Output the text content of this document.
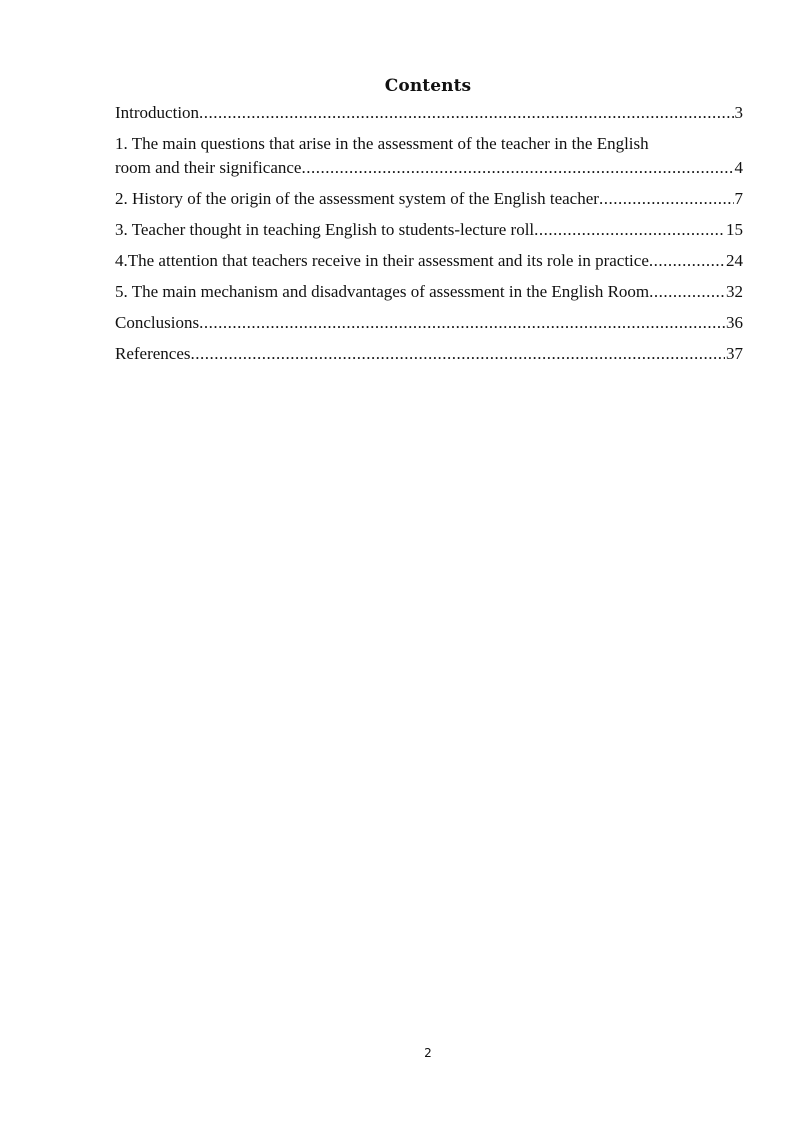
Contents
Introduction .....	3
1. The main questions that arise in the assessment of the teacher in the English
room and their significance .....	4
2. History of the origin of the assessment system of the English teacher .....	7
3. Teacher thought in teaching English to students-lecture roll .....	15
4.The attention that teachers receive in their assessment and its role in practice .....	24
5. The main mechanism and disadvantages of assessment in the English Room .....	32
Conclusions .....	36
References .....	37
2
